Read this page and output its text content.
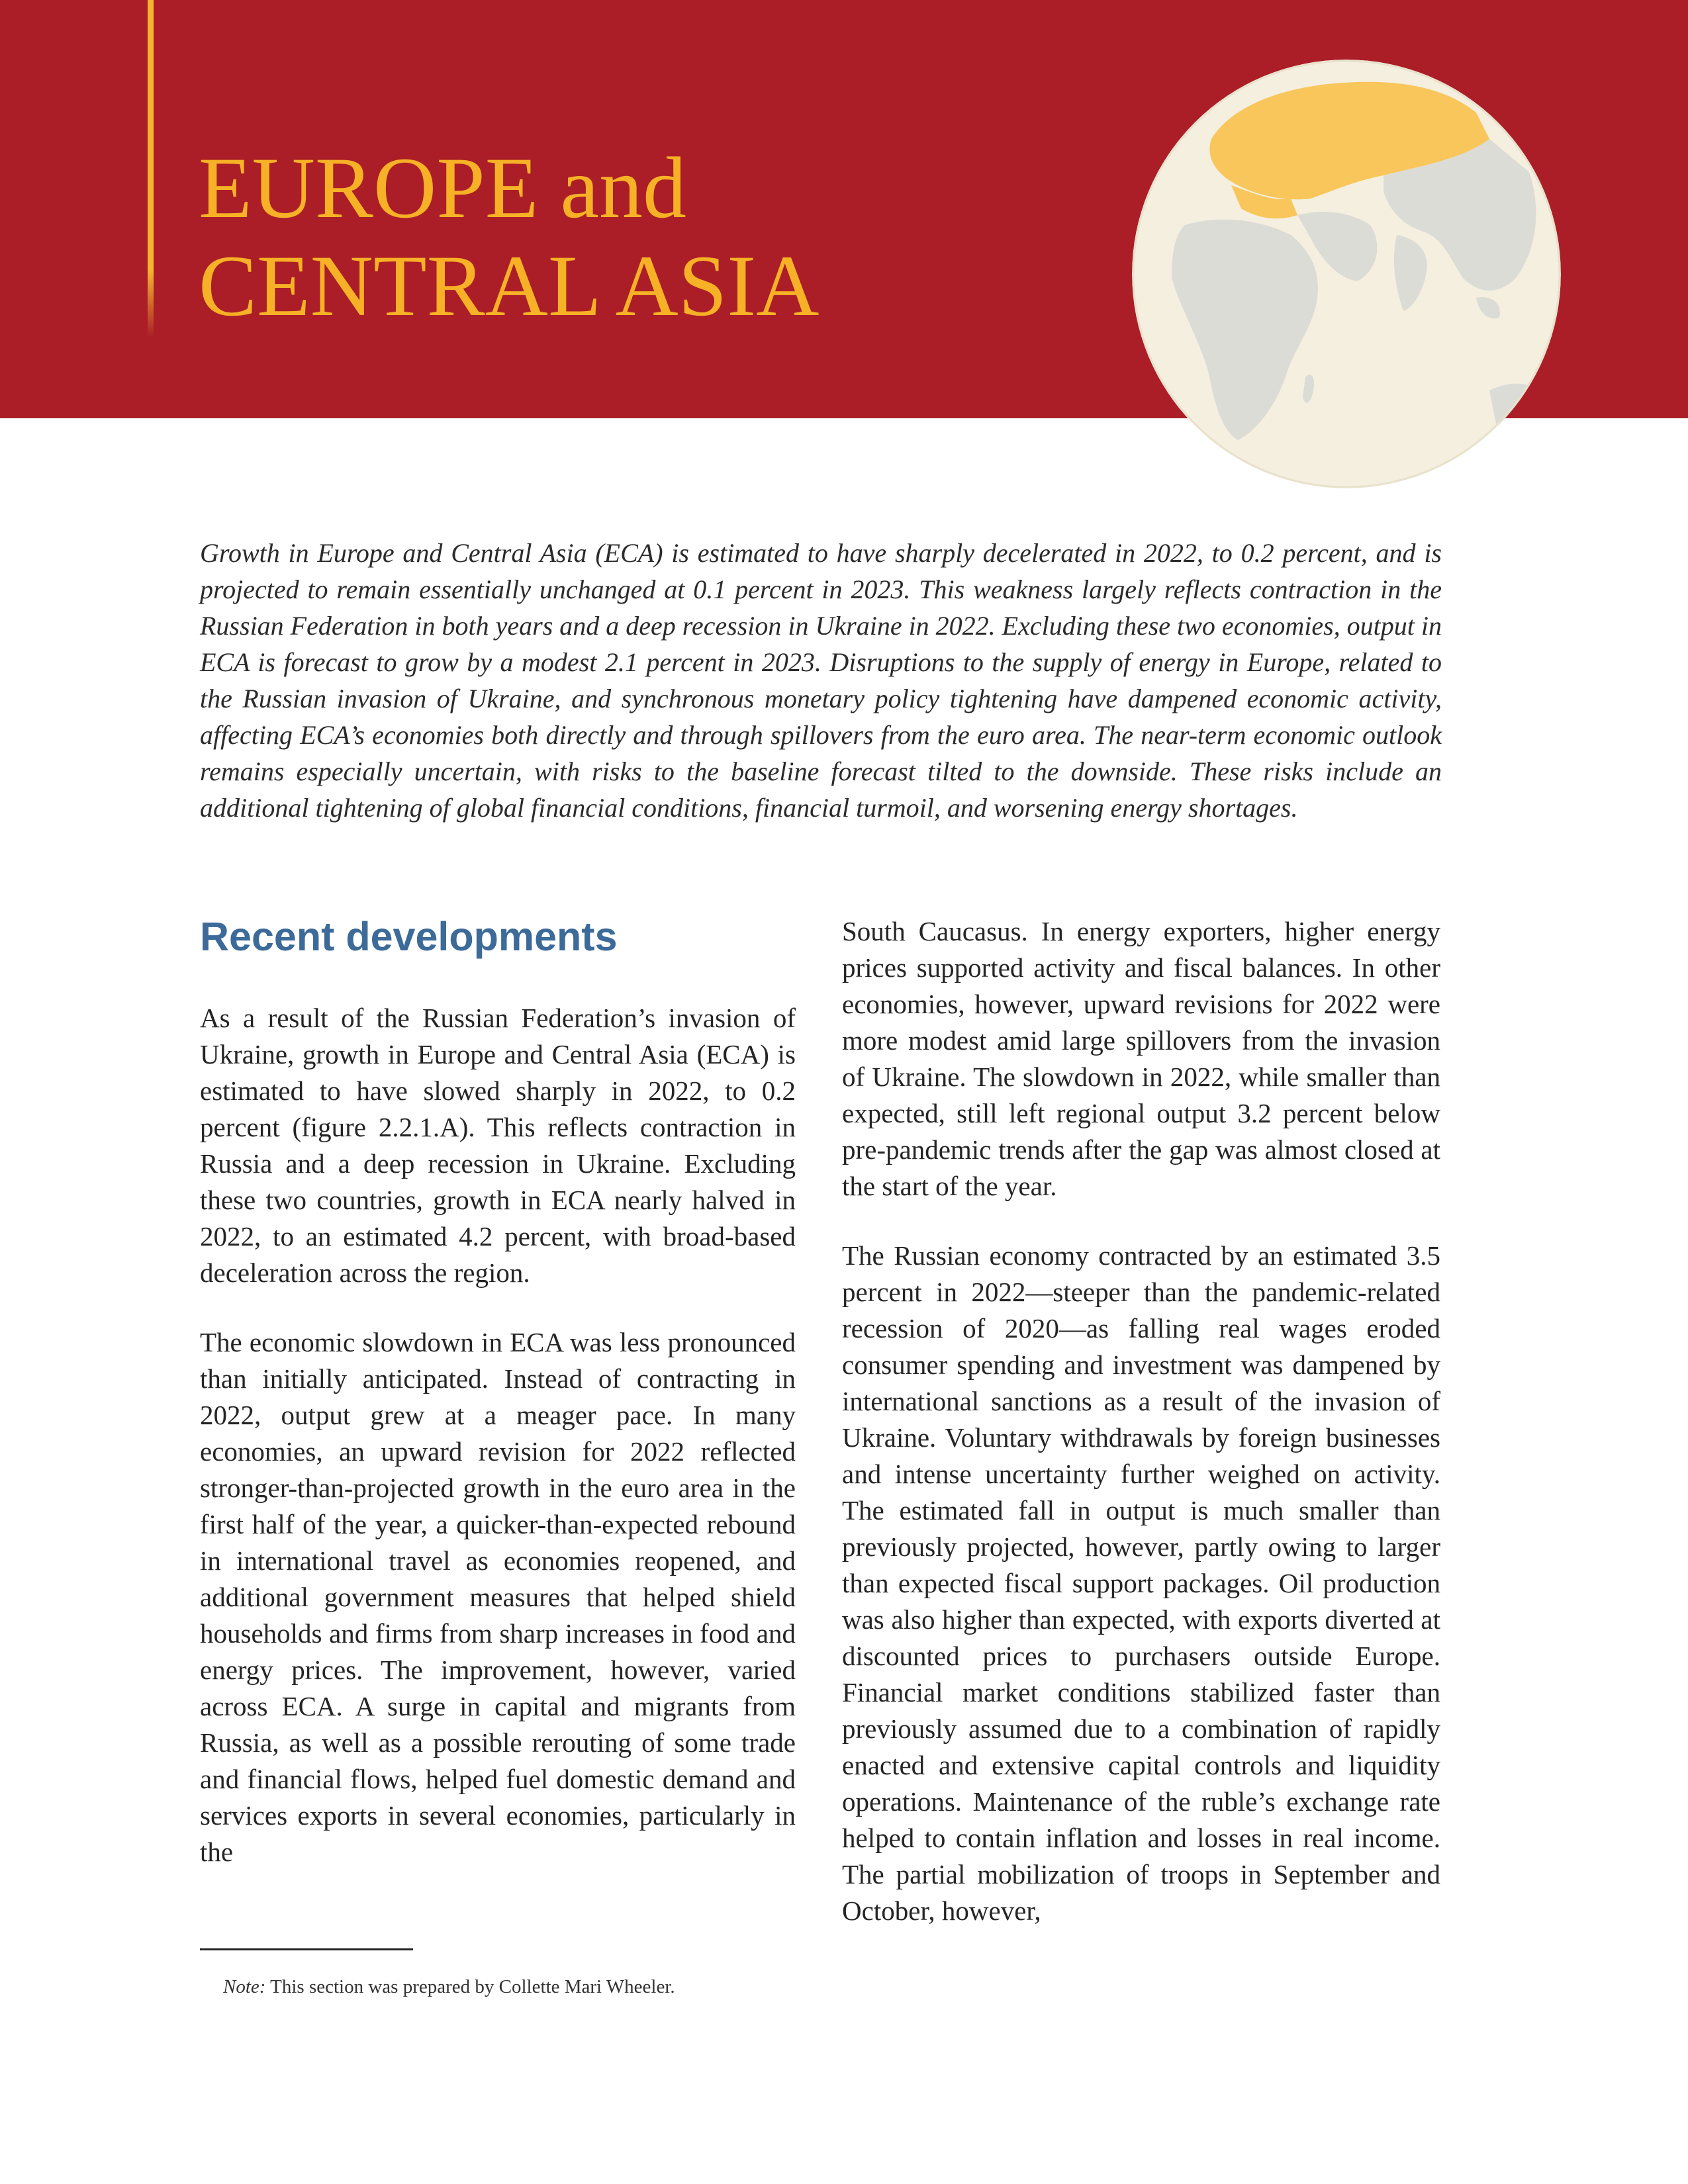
EUROPE and
CENTRAL ASIA
Growth in Europe and Central Asia (ECA) is estimated to have sharply decelerated in 2022, to 0.2 percent, and is projected to remain essentially unchanged at 0.1 percent in 2023. This weakness largely reflects contraction in the Russian Federation in both years and a deep recession in Ukraine in 2022. Excluding these two economies, output in ECA is forecast to grow by a modest 2.1 percent in 2023. Disruptions to the supply of energy in Europe, related to the Russian invasion of Ukraine, and synchronous monetary policy tightening have dampened economic activity, affecting ECA’s economies both directly and through spillovers from the euro area. The near-term economic outlook remains especially uncertain, with risks to the baseline forecast tilted to the downside. These risks include an additional tightening of global financial conditions, financial turmoil, and worsening energy shortages.
Recent developments

As a result of the Russian Federation’s invasion of Ukraine, growth in Europe and Central Asia (ECA) is estimated to have slowed sharply in 2022, to 0.2 percent (figure 2.2.1.A). This reflects contraction in Russia and a deep recession in Ukraine. Excluding these two countries, growth in ECA nearly halved in 2022, to an estimated 4.2 percent, with broad-based deceleration across the region.

The economic slowdown in ECA was less pronounced than initially anticipated. Instead of contracting in 2022, output grew at a meager pace. In many economies, an upward revision for 2022 reflected stronger-than-projected growth in the euro area in the first half of the year, a quicker-than-expected rebound in international travel as economies reopened, and additional government measures that helped shield households and firms from sharp increases in food and energy prices. The improvement, however, varied across ECA. A surge in capital and migrants from Russia, as well as a possible rerouting of some trade and financial flows, helped fuel domestic demand and services exports in several economies, particularly in the

South Caucasus. In energy exporters, higher energy prices supported activity and fiscal balances. In other economies, however, upward revisions for 2022 were more modest amid large spillovers from the invasion of Ukraine. The slowdown in 2022, while smaller than expected, still left regional output 3.2 percent below pre-pandemic trends after the gap was almost closed at the start of the year.

The Russian economy contracted by an estimated 3.5 percent in 2022—steeper than the pandemic-related recession of 2020—as falling real wages eroded consumer spending and investment was dampened by international sanctions as a result of the invasion of Ukraine. Voluntary withdrawals by foreign businesses and intense uncertainty further weighed on activity. The estimated fall in output is much smaller than previously projected, however, partly owing to larger than expected fiscal support packages. Oil production was also higher than expected, with exports diverted at discounted prices to purchasers outside Europe. Financial market conditions stabilized faster than previously assumed due to a combination of rapidly enacted and extensive capital controls and liquidity operations. Maintenance of the ruble’s exchange rate helped to contain inflation and losses in real income. The partial mobilization of troops in September and October, however,

Note: This section was prepared by Collette Mari Wheeler.
